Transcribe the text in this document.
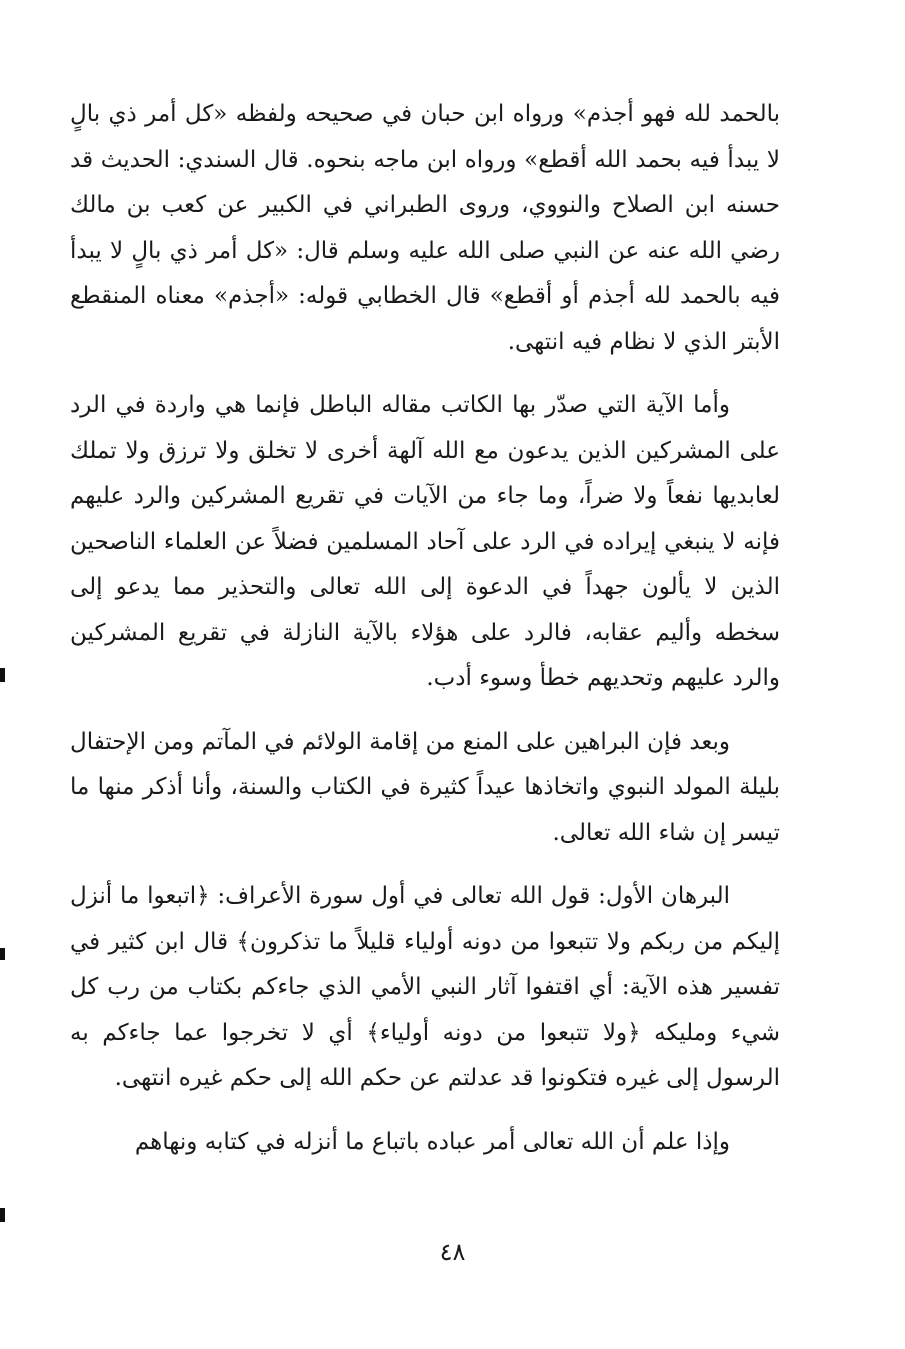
بالحمد لله فهو أجذم» ورواه ابن حبان في صحيحه ولفظه «كل أمر ذي بالٍ لا يبدأ فيه بحمد الله أقطع» ورواه ابن ماجه بنحوه. قال السندي: الحديث قد حسنه ابن الصلاح والنووي، وروى الطبراني في الكبير عن كعب بن مالك رضي الله عنه عن النبي صلى الله عليه وسلم قال: «كل أمر ذي بالٍ لا يبدأ فيه بالحمد لله أجذم أو أقطع» قال الخطابي قوله: «أجذم» معناه المنقطع الأبتر الذي لا نظام فيه انتهى.

وأما الآية التي صدّر بها الكاتب مقاله الباطل فإنما هي واردة في الرد على المشركين الذين يدعون مع الله آلهة أخرى لا تخلق ولا ترزق ولا تملك لعابديها نفعاً ولا ضراً، وما جاء من الآيات في تقريع المشركين والرد عليهم فإنه لا ينبغي إيراده في الرد على آحاد المسلمين فضلاً عن العلماء الناصحين الذين لا يألون جهداً في الدعوة إلى الله تعالى والتحذير مما يدعو إلى سخطه وأليم عقابه، فالرد على هؤلاء بالآية النازلة في تقريع المشركين والرد عليهم وتحديهم خطأ وسوء أدب.

وبعد فإن البراهين على المنع من إقامة الولائم في المآتم ومن الإحتفال بليلة المولد النبوي واتخاذها عيداً كثيرة في الكتاب والسنة، وأنا أذكر منها ما تيسر إن شاء الله تعالى.

البرهان الأول: قول الله تعالى في أول سورة الأعراف: ﴿اتبعوا ما أنزل إليكم من ربكم ولا تتبعوا من دونه أولياء قليلاً ما تذكرون﴾ قال ابن كثير في تفسير هذه الآية: أي اقتفوا آثار النبي الأمي الذي جاءكم بكتاب من رب كل شيء ومليكه ﴿ولا تتبعوا من دونه أولياء﴾ أي لا تخرجوا عما جاءكم به الرسول إلى غيره فتكونوا قد عدلتم عن حكم الله إلى حكم غيره انتهى.

وإذا علم أن الله تعالى أمر عباده باتباع ما أنزله في كتابه ونهاهم

٤٨
